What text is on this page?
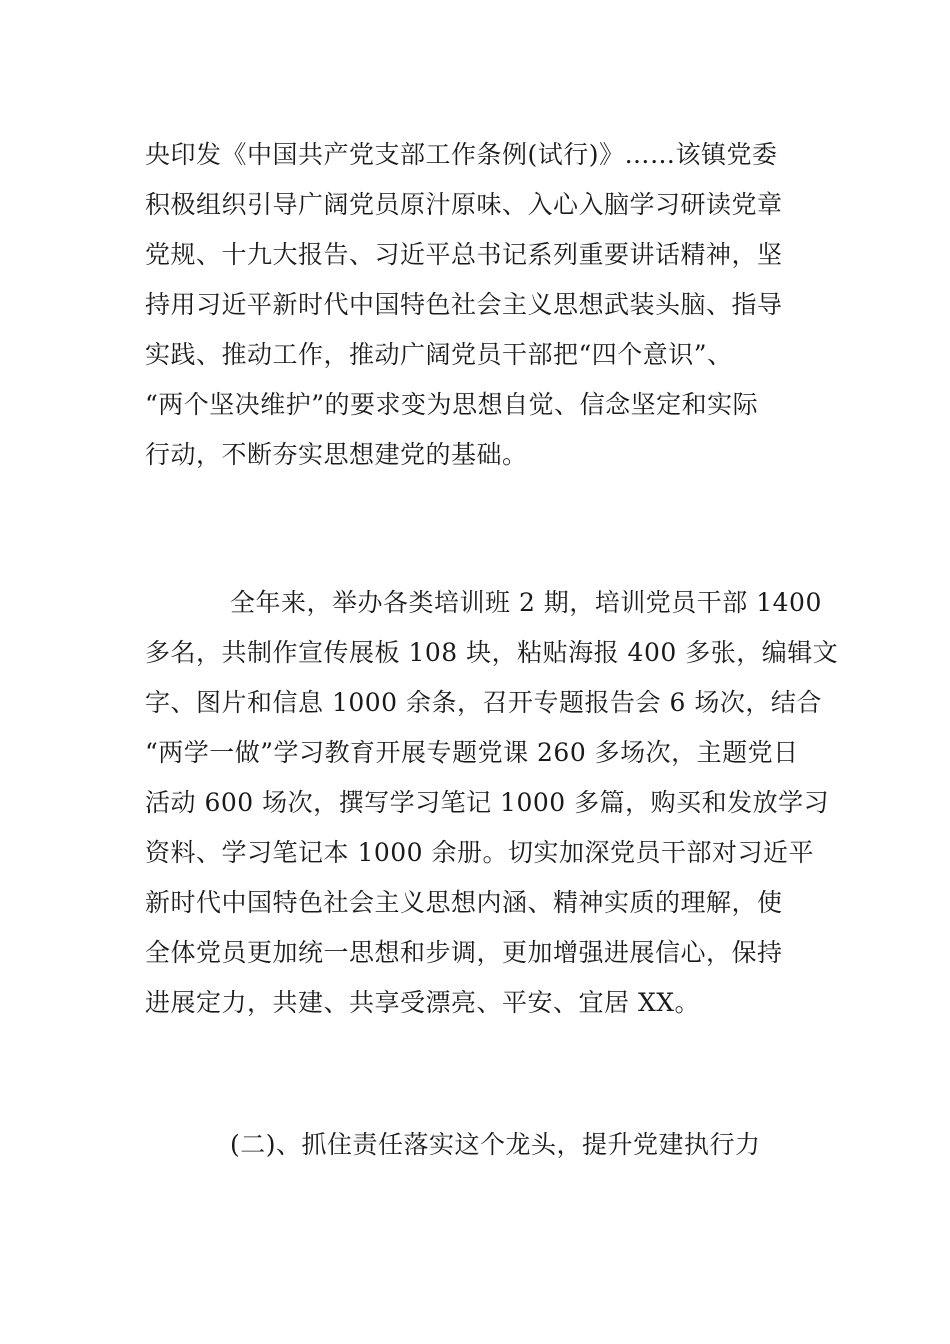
央印发《中国共产党支部工作条例(试行)》……该镇党委
积极组织引导广阔党员原汁原味、入心入脑学习研读党章
党规、十九大报告、习近平总书记系列重要讲话精神，坚
持用习近平新时代中国特色社会主义思想武装头脑、指导
实践、推动工作，推动广阔党员干部把“四个意识”、
“两个坚决维护”的要求变为思想自觉、信念坚定和实际
行动，不断夯实思想建党的基础。
全年来，举办各类培训班 2 期，培训党员干部 1400
多名，共制作宣传展板 108 块，粘贴海报 400 多张，编辑文
字、图片和信息 1000 余条，召开专题报告会 6 场次，结合
“两学一做”学习教育开展专题党课 260 多场次，主题党日
活动 600 场次，撰写学习笔记 1000 多篇，购买和发放学习
资料、学习笔记本 1000 余册。切实加深党员干部对习近平
新时代中国特色社会主义思想内涵、精神实质的理解，使
全体党员更加统一思想和步调，更加增强进展信心，保持
进展定力，共建、共享受漂亮、平安、宜居 XX。
(二)、抓住责任落实这个龙头，提升党建执行力
